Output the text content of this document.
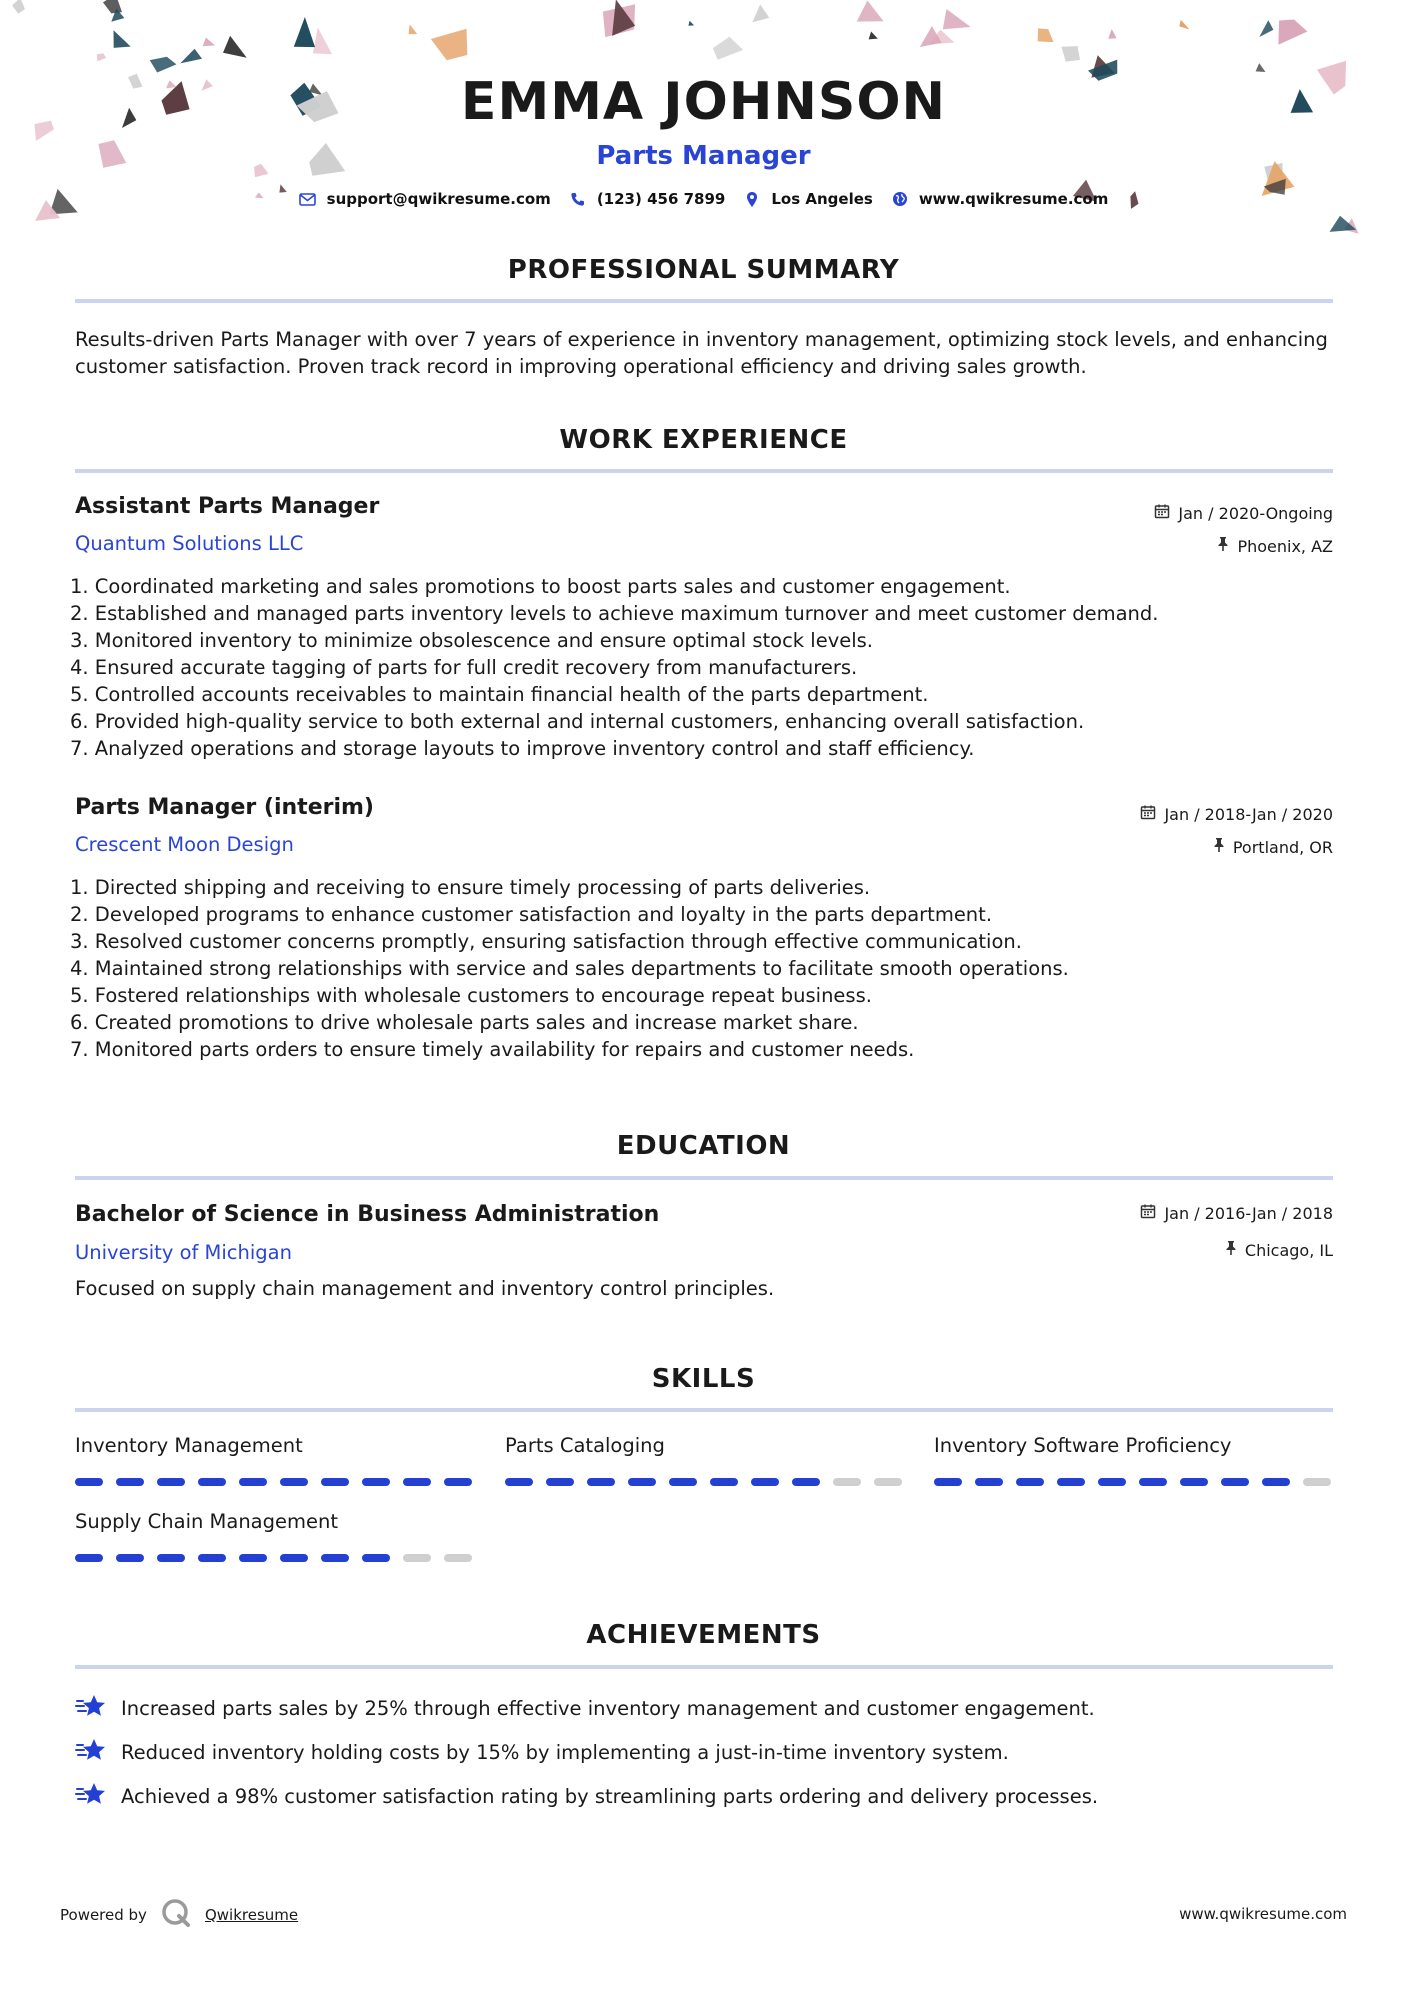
EMMA JOHNSON
Parts Manager
support@qwikresume.com	(123) 456 7899	Los Angeles	www.qwikresume.com
PROFESSIONAL SUMMARY
Results-driven Parts Manager with over 7 years of experience in inventory management, optimizing stock levels, and enhancing customer satisfaction. Proven track record in improving operational efficiency and driving sales growth.
WORK EXPERIENCE
Assistant Parts Manager
Quantum Solutions LLC
Jan / 2020-Ongoing
Phoenix, AZ
1. Coordinated marketing and sales promotions to boost parts sales and customer engagement.
2. Established and managed parts inventory levels to achieve maximum turnover and meet customer demand.
3. Monitored inventory to minimize obsolescence and ensure optimal stock levels.
4. Ensured accurate tagging of parts for full credit recovery from manufacturers.
5. Controlled accounts receivables to maintain financial health of the parts department.
6. Provided high-quality service to both external and internal customers, enhancing overall satisfaction.
7. Analyzed operations and storage layouts to improve inventory control and staff efficiency.
Parts Manager (interim)
Crescent Moon Design
Jan / 2018-Jan / 2020
Portland, OR
1. Directed shipping and receiving to ensure timely processing of parts deliveries.
2. Developed programs to enhance customer satisfaction and loyalty in the parts department.
3. Resolved customer concerns promptly, ensuring satisfaction through effective communication.
4. Maintained strong relationships with service and sales departments to facilitate smooth operations.
5. Fostered relationships with wholesale customers to encourage repeat business.
6. Created promotions to drive wholesale parts sales and increase market share.
7. Monitored parts orders to ensure timely availability for repairs and customer needs.
EDUCATION
Bachelor of Science in Business Administration
University of Michigan
Jan / 2016-Jan / 2018
Chicago, IL
Focused on supply chain management and inventory control principles.
SKILLS
Inventory Management	Parts Cataloging	Inventory Software Proficiency
Supply Chain Management
ACHIEVEMENTS
Increased parts sales by 25% through effective inventory management and customer engagement.
Reduced inventory holding costs by 15% by implementing a just-in-time inventory system.
Achieved a 98% customer satisfaction rating by streamlining parts ordering and delivery processes.
Powered by	Qwikresume	www.qwikresume.com
